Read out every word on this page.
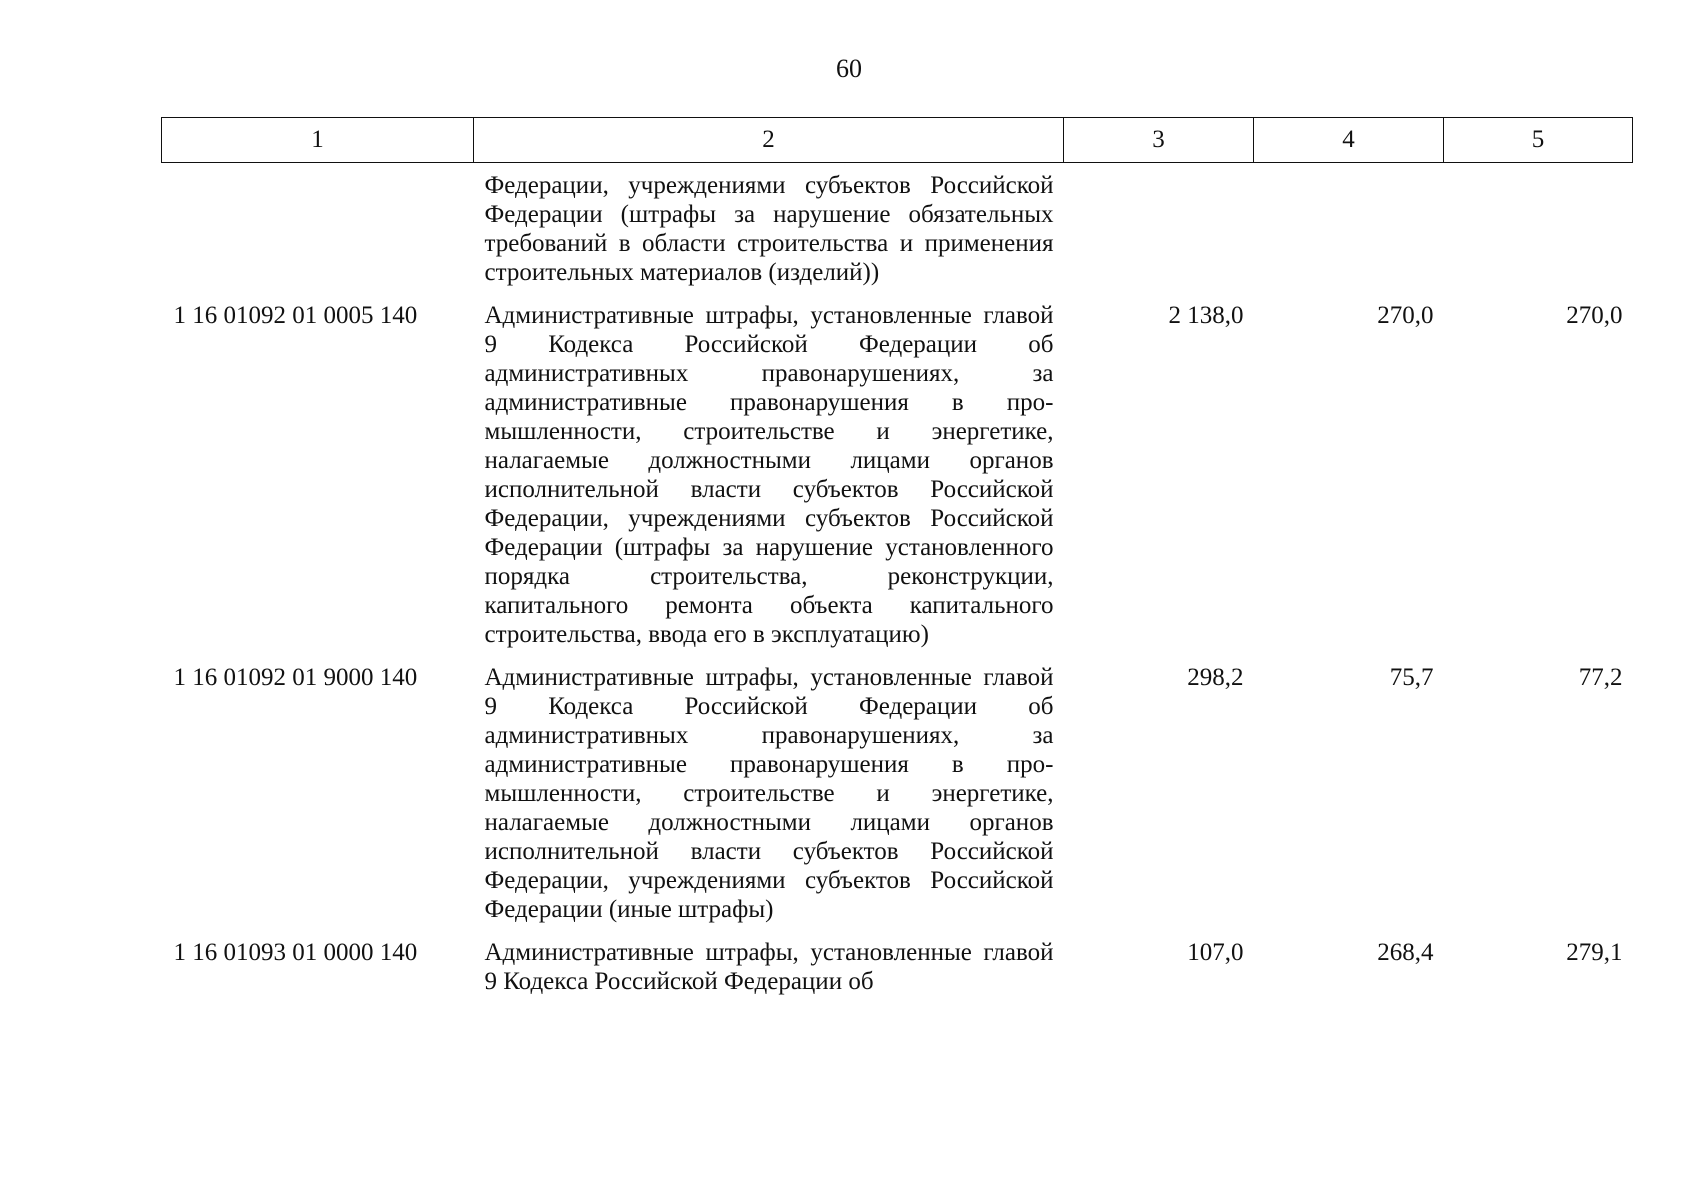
60
1	2	3	4	5
	Федерации, учреждениями субъектов Российской Федерации (штрафы за нарушение обязательных требований в области строительства и применения строительных материалов (изделий))			
1 16 01092 01 0005 140	Административные штрафы, установленные главой 9 Кодекса Российской Федерации об административных правонарушениях, за административные правонарушения в промышленности, строительстве и энергетике, налагаемые должностными лицами органов исполнительной власти субъектов Российской Федерации, учреждениями субъектов Российской Федерации (штрафы за нарушение установленного порядка строительства, реконструкции, капитального ремонта объекта капитального строительства, ввода его в эксплуатацию)	2 138,0	270,0	270,0
1 16 01092 01 9000 140	Административные штрафы, установленные главой 9 Кодекса Российской Федерации об административных правонарушениях, за административные правонарушения в промышленности, строительстве и энергетике, налагаемые должностными лицами органов исполнительной власти субъектов Российской Федерации, учреждениями субъектов Российской Федерации (иные штрафы)	298,2	75,7	77,2
1 16 01093 01 0000 140	Административные штрафы, установленные главой 9 Кодекса Российской Федерации об	107,0	268,4	279,1
